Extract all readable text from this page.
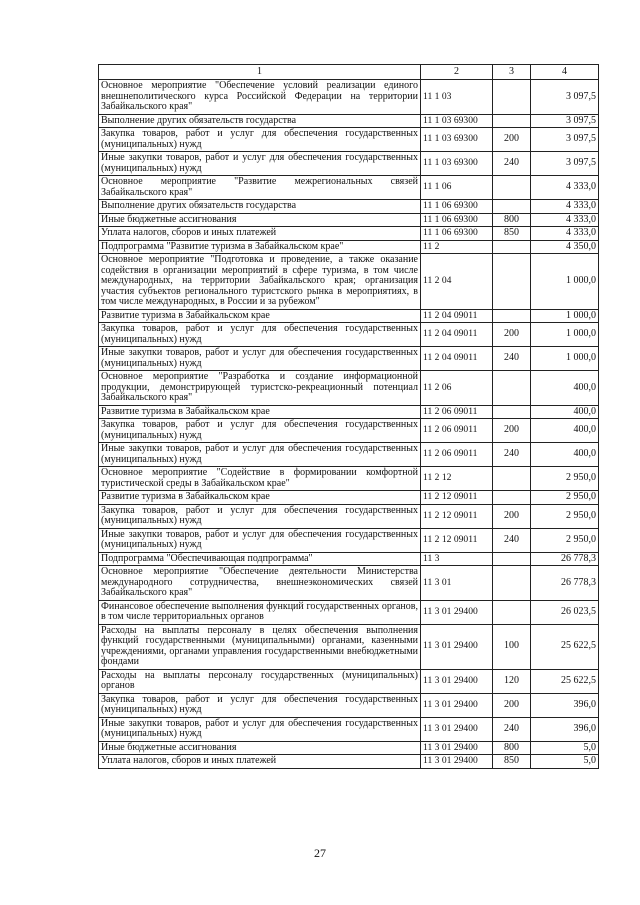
1	2	3	4
Основное мероприятие "Обеспечение условий реализации единого внешнеполитического курса Российской Федерации на территории Забайкальского края"	11 1 03		3 097,5
Выполнение других обязательств государства	11 1 03 69300		3 097,5
Закупка товаров, работ и услуг для обеспечения государственных (муниципальных) нужд	11 1 03 69300	200	3 097,5
Иные закупки товаров, работ и услуг для обеспечения государственных (муниципальных) нужд	11 1 03 69300	240	3 097,5
Основное мероприятие "Развитие межрегиональных связей Забайкальского края"	11 1 06		4 333,0
Выполнение других обязательств государства	11 1 06 69300		4 333,0
Иные бюджетные ассигнования	11 1 06 69300	800	4 333,0
Уплата налогов, сборов и иных платежей	11 1 06 69300	850	4 333,0
Подпрограмма "Развитие туризма в Забайкальском крае"	11 2		4 350,0
Основное мероприятие "Подготовка и проведение, а также оказание содействия в организации мероприятий в сфере туризма, в том числе международных, на территории Забайкальского края; организация участия субъектов регионального туристского рынка в мероприятиях, в том числе международных, в России и за рубежом"	11 2 04		1 000,0
Развитие туризма в Забайкальском крае	11 2 04 09011		1 000,0
Закупка товаров, работ и услуг для обеспечения государственных (муниципальных) нужд	11 2 04 09011	200	1 000,0
Иные закупки товаров, работ и услуг для обеспечения государственных (муниципальных) нужд	11 2 04 09011	240	1 000,0
Основное мероприятие "Разработка и создание информационной продукции, демонстрирующей туристско-рекреационный потенциал Забайкальского края"	11 2 06		400,0
Развитие туризма в Забайкальском крае	11 2 06 09011		400,0
Закупка товаров, работ и услуг для обеспечения государственных (муниципальных) нужд	11 2 06 09011	200	400,0
Иные закупки товаров, работ и услуг для обеспечения государственных (муниципальных) нужд	11 2 06 09011	240	400,0
Основное мероприятие "Содействие в формировании комфортной туристической среды в Забайкальском крае"	11 2 12		2 950,0
Развитие туризма в Забайкальском крае	11 2 12 09011		2 950,0
Закупка товаров, работ и услуг для обеспечения государственных (муниципальных) нужд	11 2 12 09011	200	2 950,0
Иные закупки товаров, работ и услуг для обеспечения государственных (муниципальных) нужд	11 2 12 09011	240	2 950,0
Подпрограмма "Обеспечивающая подпрограмма"	11 3		26 778,3
Основное мероприятие "Обеспечение деятельности Министерства международного сотрудничества, внешнеэкономических связей Забайкальского края"	11 3 01		26 778,3
Финансовое обеспечение выполнения функций государственных органов, в том числе территориальных органов	11 3 01 29400		26 023,5
Расходы на выплаты персоналу в целях обеспечения выполнения функций государственными (муниципальными) органами, казенными учреждениями, органами управления государственными внебюджетными фондами	11 3 01 29400	100	25 622,5
Расходы на выплаты персоналу государственных (муниципальных) органов	11 3 01 29400	120	25 622,5
Закупка товаров, работ и услуг для обеспечения государственных (муниципальных) нужд	11 3 01 29400	200	396,0
Иные закупки товаров, работ и услуг для обеспечения государственных (муниципальных) нужд	11 3 01 29400	240	396,0
Иные бюджетные ассигнования	11 3 01 29400	800	5,0
Уплата налогов, сборов и иных платежей	11 3 01 29400	850	5,0
27
